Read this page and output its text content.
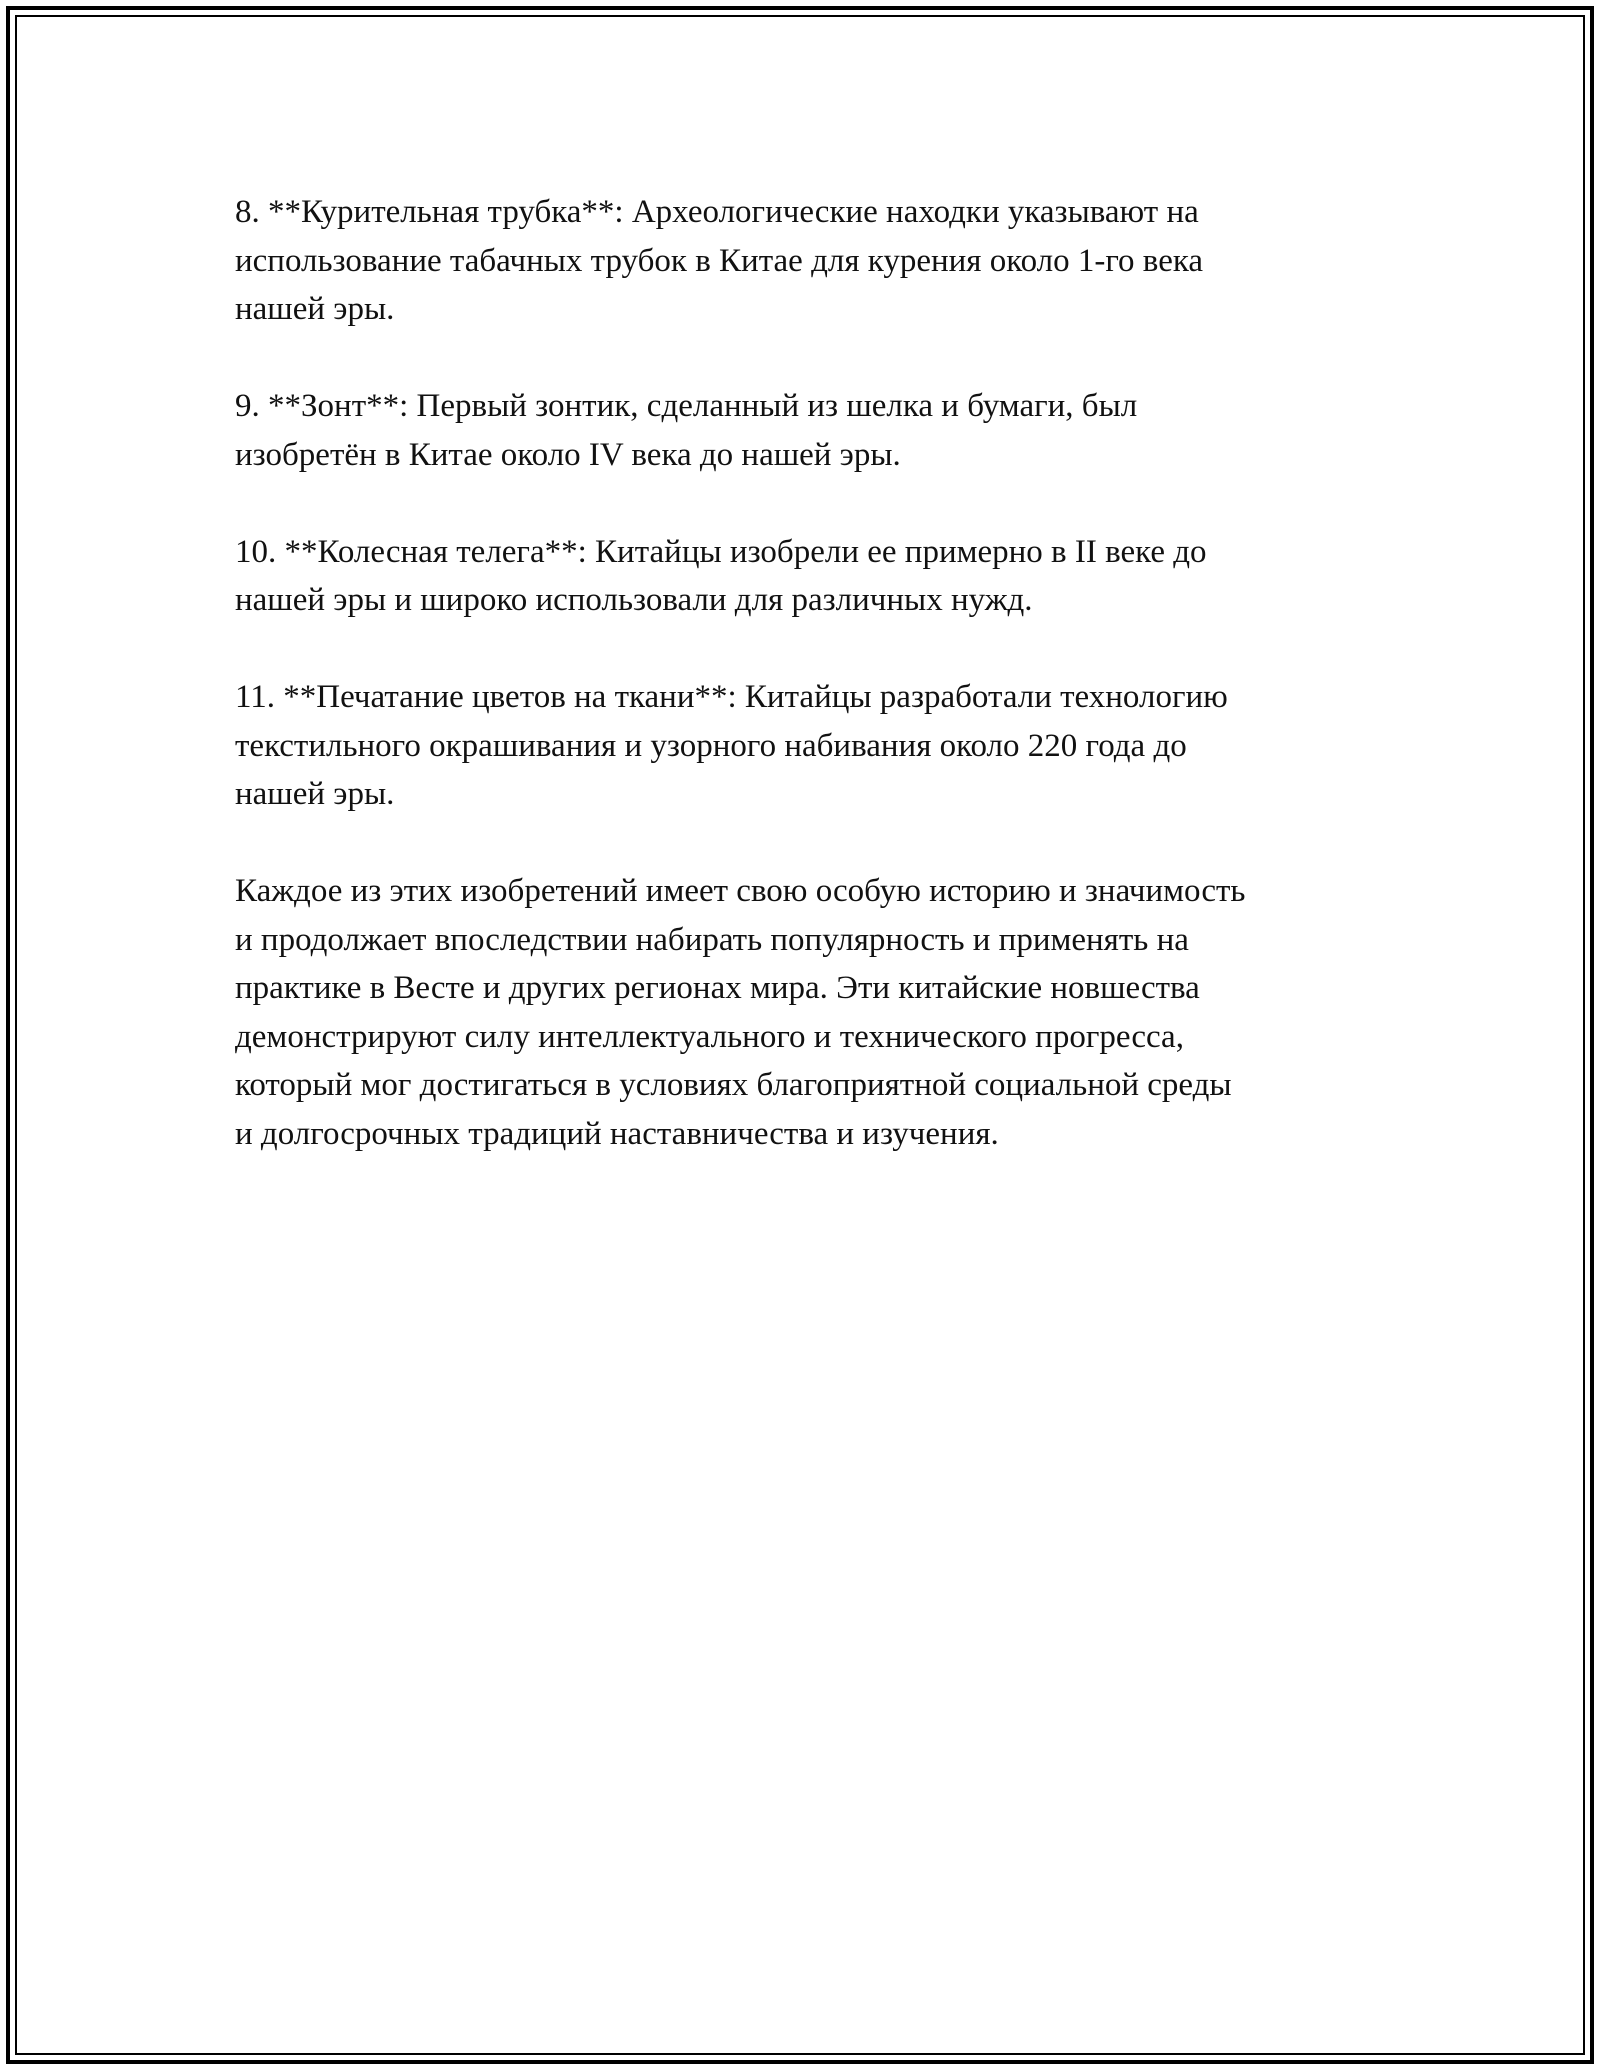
8. **Курительная трубка**: Археологические находки указывают на
использование табачных трубок в Китае для курения около 1-го века
нашей эры.

9. **Зонт**: Первый зонтик, сделанный из шелка и бумаги, был
изобретён в Китае около IV века до нашей эры.

10. **Колесная телега**: Китайцы изобрели ее примерно в II веке до
нашей эры и широко использовали для различных нужд.

11. **Печатание цветов на ткани**: Китайцы разработали технологию
текстильного окрашивания и узорного набивания около 220 года до
нашей эры.

Каждое из этих изобретений имеет свою особую историю и значимость
и продолжает впоследствии набирать популярность и применять на
практике в Весте и других регионах мира. Эти китайские новшества
демонстрируют силу интеллектуального и технического прогресса,
который мог достигаться в условиях благоприятной социальной среды
и долгосрочных традиций наставничества и изучения.
